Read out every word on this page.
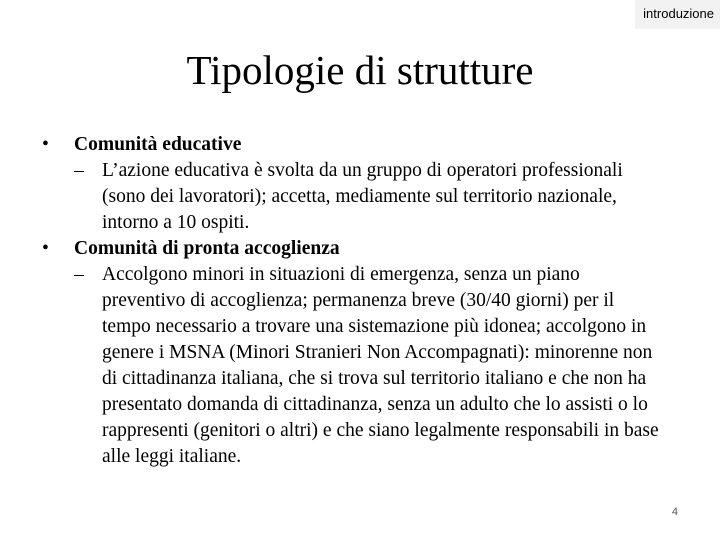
introduzione
Tipologie di strutture
• Comunità educative
– L’azione educativa è svolta da un gruppo di operatori professionali (sono dei lavoratori); accetta, mediamente sul territorio nazionale, intorno a 10 ospiti.
• Comunità di pronta accoglienza
– Accolgono minori in situazioni di emergenza, senza un piano preventivo di accoglienza; permanenza breve (30/40 giorni) per il tempo necessario a trovare una sistemazione più idonea; accolgono in genere i MSNA (Minori Stranieri Non Accompagnati): minorenne non di cittadinanza italiana, che si trova sul territorio italiano e che non ha presentato domanda di cittadinanza, senza un adulto che lo assisti o lo rappresenti (genitori o altri) e che siano legalmente responsabili in base alle leggi italiane.
4
